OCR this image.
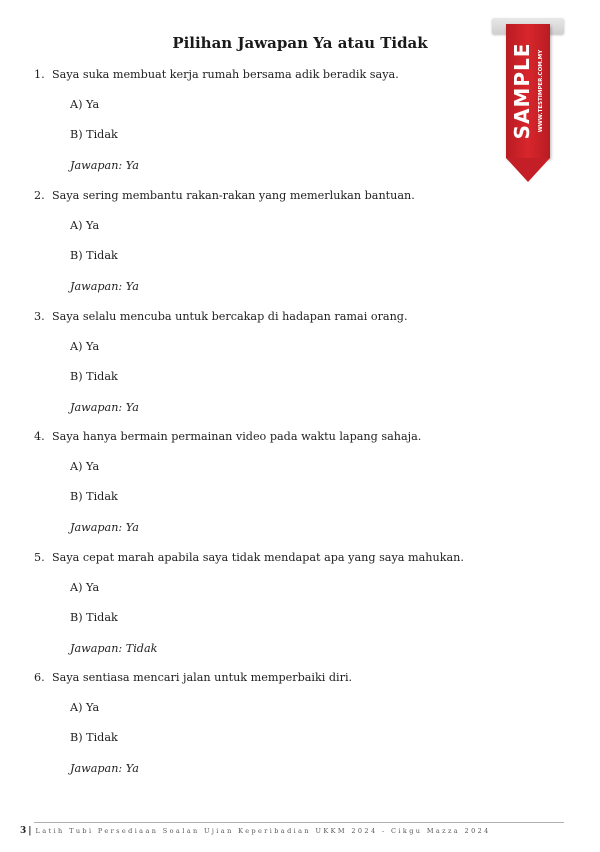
Pilihan Jawapan Ya atau Tidak
1. Saya suka membuat kerja rumah bersama adik beradik saya.
A) Ya
B) Tidak
Jawapan: Ya
2. Saya sering membantu rakan-rakan yang memerlukan bantuan.
A) Ya
B) Tidak
Jawapan: Ya
3. Saya selalu mencuba untuk bercakap di hadapan ramai orang.
A) Ya
B) Tidak
Jawapan: Ya
4. Saya hanya bermain permainan video pada waktu lapang sahaja.
A) Ya
B) Tidak
Jawapan: Ya
5. Saya cepat marah apabila saya tidak mendapat apa yang saya mahukan.
A) Ya
B) Tidak
Jawapan: Tidak
6. Saya sentiasa mencari jalan untuk memperbaiki diri.
A) Ya
B) Tidak
Jawapan: Ya
SAMPLE WWW.TESTIMPER.COM.MY
3 | Latih Tubi Persediaan Soalan Ujian Keperibadian UKKM 2024 - Cikgu Mazza 2024
